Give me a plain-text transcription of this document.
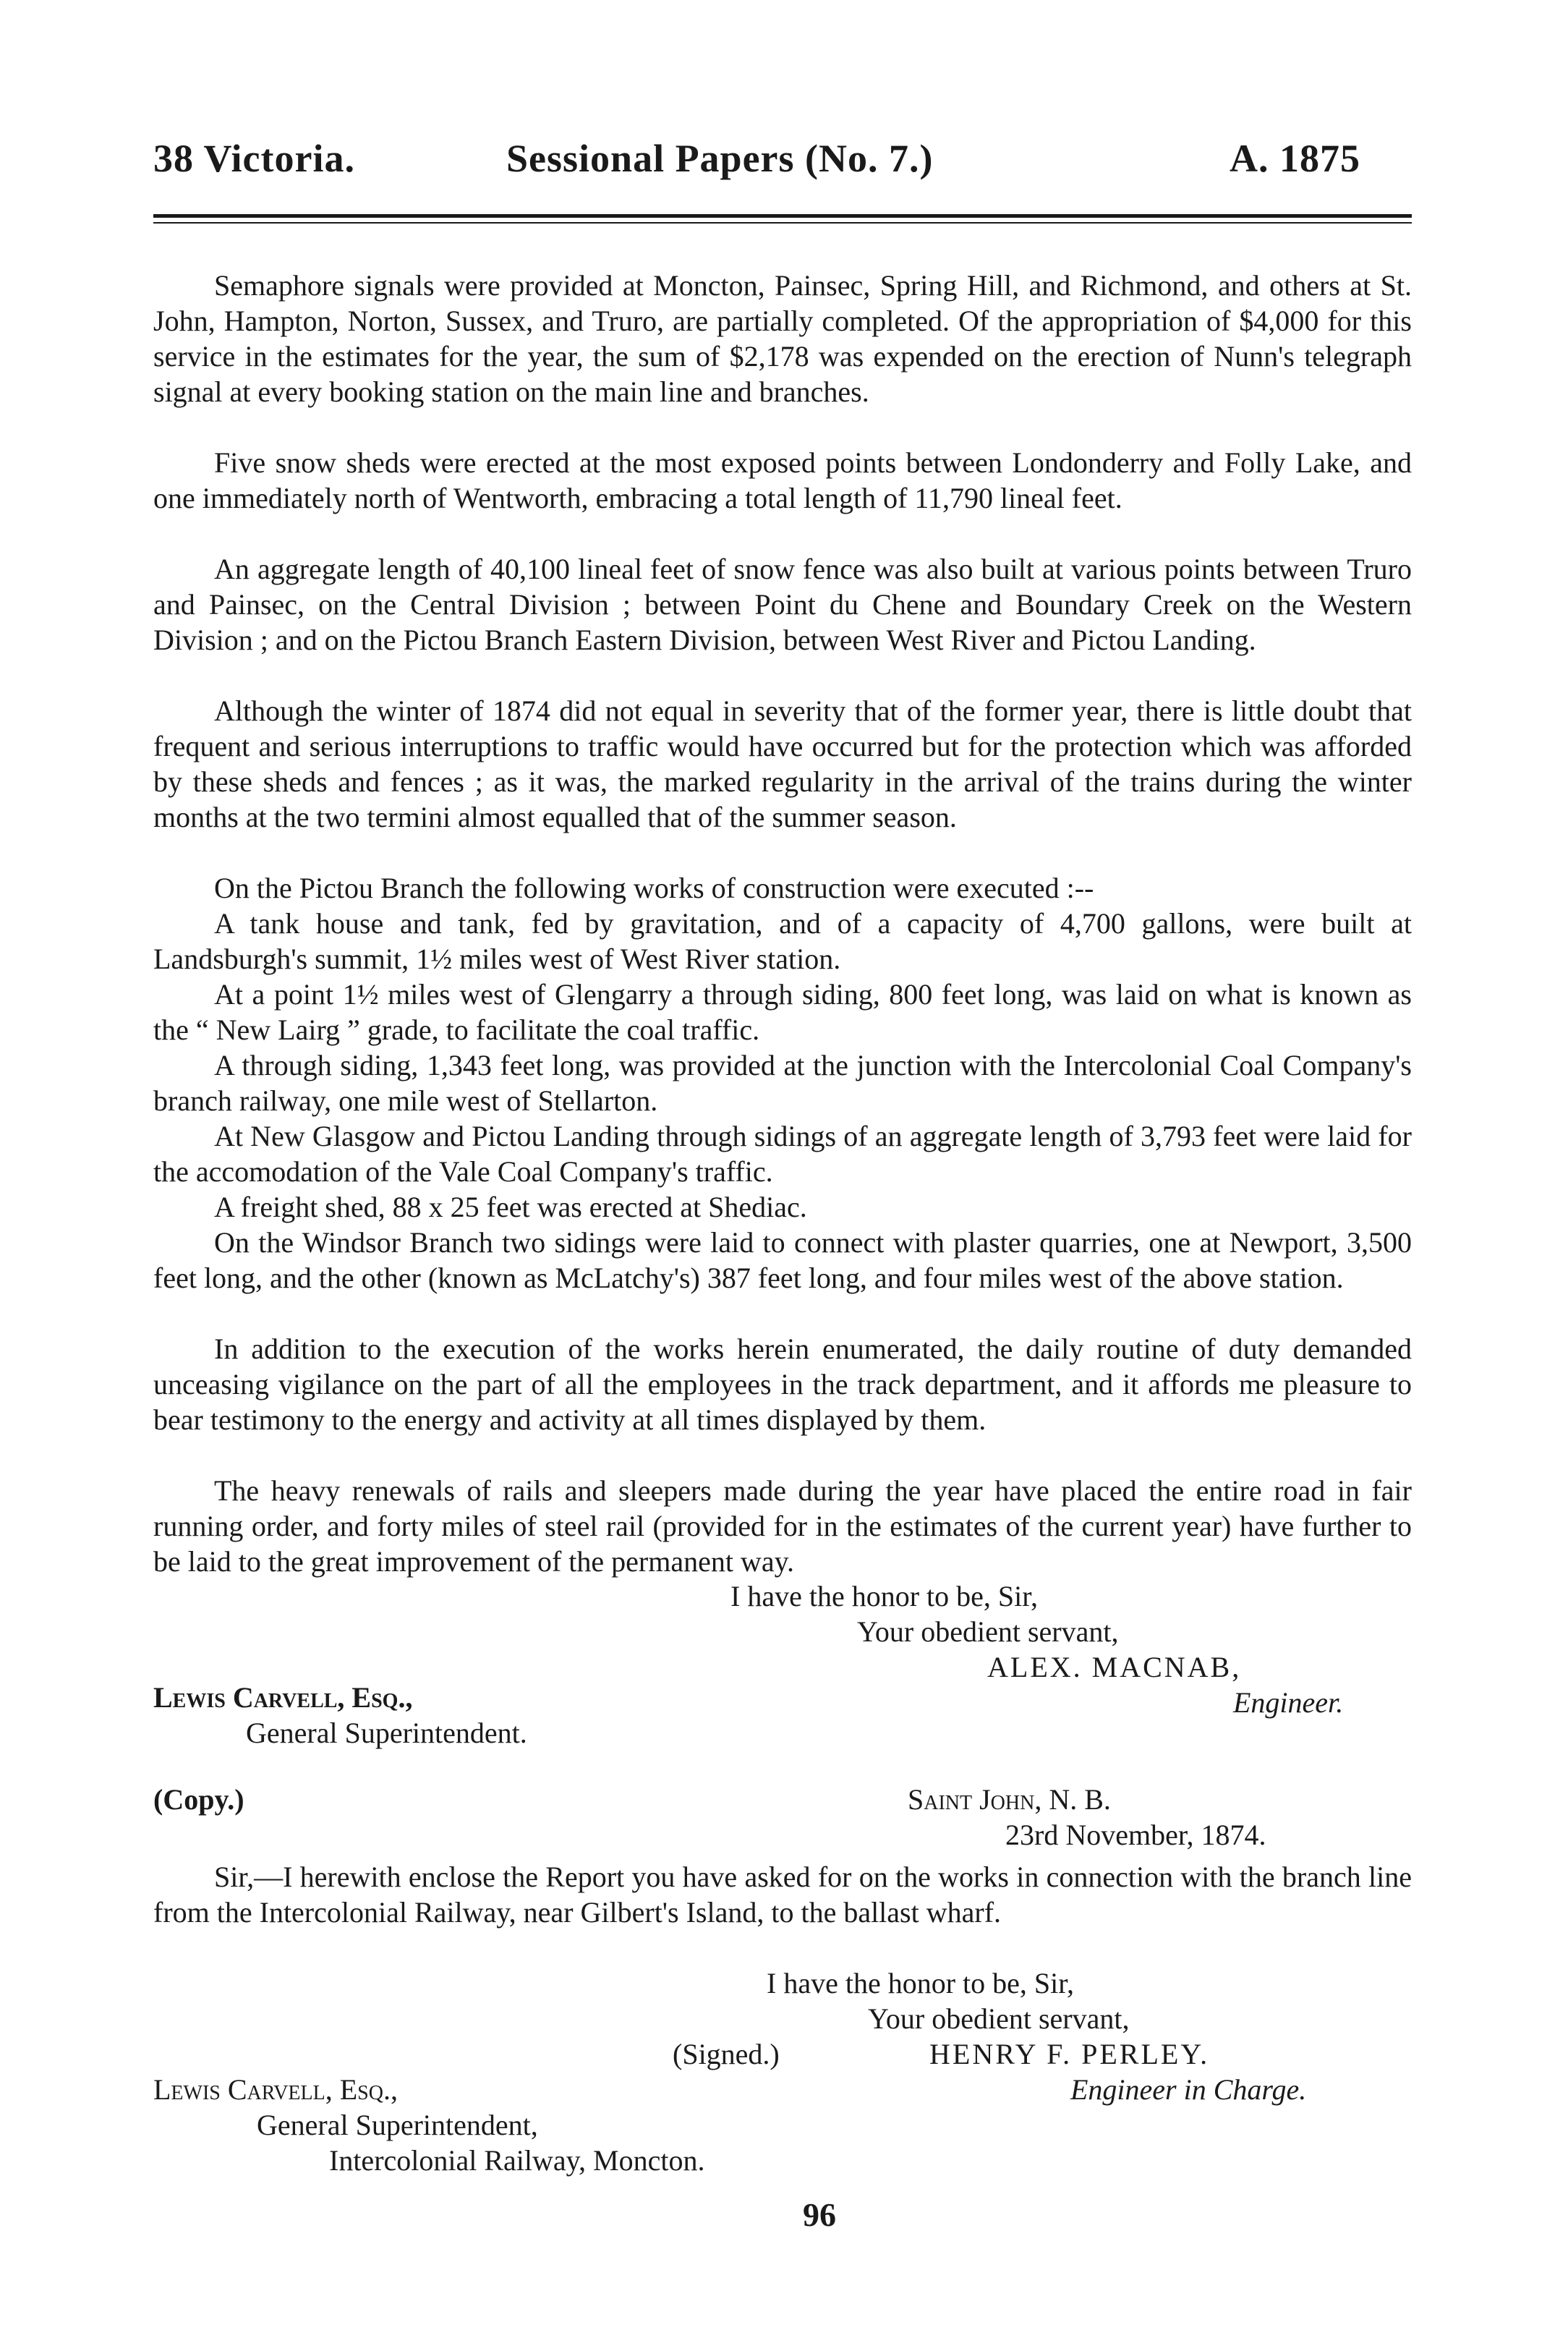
38 Victoria.	Sessional Papers (No. 7.)	A. 1875
Semaphore signals were provided at Moncton, Painsec, Spring Hill, and Richmond, and others at St. John, Hampton, Norton, Sussex, and Truro, are partially completed. Of the appropriation of $4,000 for this service in the estimates for the year, the sum of $2,178 was expended on the erection of Nunn's telegraph signal at every booking station on the main line and branches.
Five snow sheds were erected at the most exposed points between Londonderry and Folly Lake, and one immediately north of Wentworth, embracing a total length of 11,790 lineal feet.
An aggregate length of 40,100 lineal feet of snow fence was also built at various points between Truro and Painsec, on the Central Division ; between Point du Chene and Boundary Creek on the Western Division ; and on the Pictou Branch Eastern Division, between West River and Pictou Landing.
Although the winter of 1874 did not equal in severity that of the former year, there is little doubt that frequent and serious interruptions to traffic would have occurred but for the protection which was afforded by these sheds and fences ; as it was, the marked regularity in the arrival of the trains during the winter months at the two termini almost equalled that of the summer season.
On the Pictou Branch the following works of construction were executed :--
A tank house and tank, fed by gravitation, and of a capacity of 4,700 gallons, were built at Landsburgh's summit, 1½ miles west of West River station.
At a point 1½ miles west of Glengarry a through siding, 800 feet long, was laid on what is known as the “ New Lairg ” grade, to facilitate the coal traffic.
A through siding, 1,343 feet long, was provided at the junction with the Intercolonial Coal Company's branch railway, one mile west of Stellarton.
At New Glasgow and Pictou Landing through sidings of an aggregate length of 3,793 feet were laid for the accomodation of the Vale Coal Company's traffic.
A freight shed, 88 x 25 feet was erected at Shediac.
On the Windsor Branch two sidings were laid to connect with plaster quarries, one at Newport, 3,500 feet long, and the other (known as McLatchy's) 387 feet long, and four miles west of the above station.
In addition to the execution of the works herein enumerated, the daily routine of duty demanded unceasing vigilance on the part of all the employees in the track department, and it affords me pleasure to bear testimony to the energy and activity at all times displayed by them.
The heavy renewals of rails and sleepers made during the year have placed the entire road in fair running order, and forty miles of steel rail (provided for in the estimates of the current year) have further to be laid to the great improvement of the permanent way.
I have the honor to be, Sir,
Your obedient servant,
ALEX. MACNAB,
Engineer.
Lewis Carvell, Esq.,
General Superintendent.
(Copy.)	Saint John, N. B.
23rd November, 1874.
Sir,—I herewith enclose the Report you have asked for on the works in connection with the branch line from the Intercolonial Railway, near Gilbert's Island, to the ballast wharf.
I have the honor to be, Sir,
Your obedient servant,
(Signed.)	HENRY F. PERLEY.
Engineer in Charge.
Lewis Carvell, Esq.,
General Superintendent,
Intercolonial Railway, Moncton.
96
